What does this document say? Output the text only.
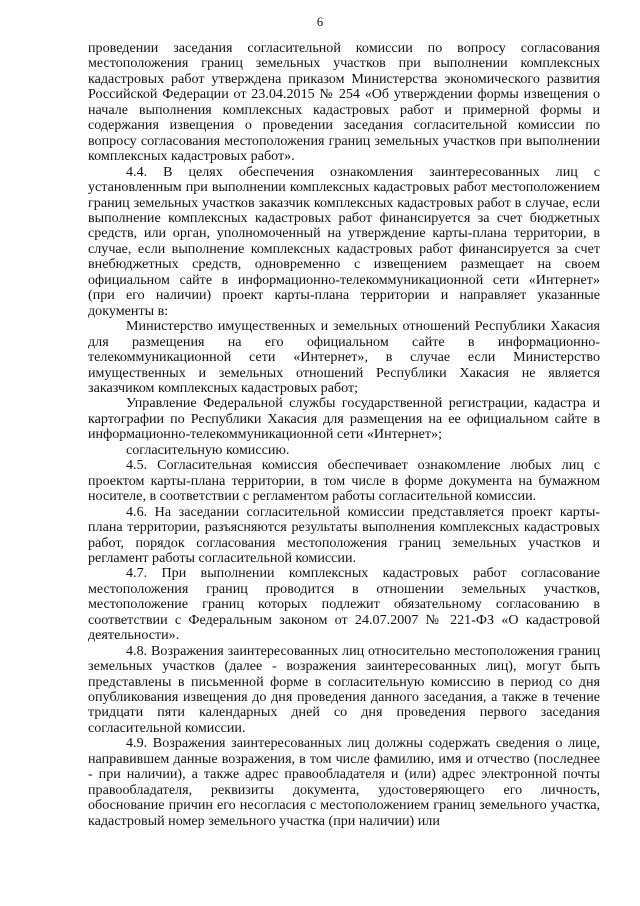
6

проведении заседания согласительной комиссии по вопросу согласования местоположения границ земельных участков при выполнении комплексных кадастровых работ утверждена приказом Министерства экономического развития Российской Федерации от 23.04.2015 № 254 «Об утверждении формы извещения о начале выполнения комплексных кадастровых работ и примерной формы и содержания извещения о проведении заседания согласительной комиссии по вопросу согласования местоположения границ земельных участков при выполнении комплексных кадастровых работ».

4.4. В целях обеспечения ознакомления заинтересованных лиц с установленным при выполнении комплексных кадастровых работ местоположением границ земельных участков заказчик комплексных кадастровых работ в случае, если выполнение комплексных кадастровых работ финансируется за счет бюджетных средств, или орган, уполномоченный на утверждение карты-плана территории, в случае, если выполнение комплексных кадастровых работ финансируется за счет внебюджетных средств, одновременно с извещением размещает на своем официальном сайте в информационно-телекоммуникационной сети «Интернет» (при его наличии) проект карты-плана территории и направляет указанные документы в:

Министерство имущественных и земельных отношений Республики Хакасия для размещения на его официальном сайте в информационно-телекоммуникационной сети «Интернет», в случае если Министерство имущественных и земельных отношений Республики Хакасия не является заказчиком комплексных кадастровых работ;

Управление Федеральной службы государственной регистрации, кадастра и картографии по Республики Хакасия для размещения на ее официальном сайте в информационно-телекоммуникационной сети «Интернет»;

согласительную комиссию.

4.5. Согласительная комиссия обеспечивает ознакомление любых лиц с проектом карты-плана территории, в том числе в форме документа на бумажном носителе, в соответствии с регламентом работы согласительной комиссии.

4.6. На заседании согласительной комиссии представляется проект карты-плана территории, разъясняются результаты выполнения комплексных кадастровых работ, порядок согласования местоположения границ земельных участков и регламент работы согласительной комиссии.

4.7. При выполнении комплексных кадастровых работ согласование местоположения границ проводится в отношении земельных участков, местоположение границ которых подлежит обязательному согласованию в соответствии с Федеральным законом от 24.07.2007 № 221-ФЗ «О кадастровой деятельности».

4.8. Возражения заинтересованных лиц относительно местоположения границ земельных участков (далее - возражения заинтересованных лиц), могут быть представлены в письменной форме в согласительную комиссию в период со дня опубликования извещения до дня проведения данного заседания, а также в течение тридцати пяти календарных дней со дня проведения первого заседания согласительной комиссии.

4.9. Возражения заинтересованных лиц должны содержать сведения о лице, направившем данные возражения, в том числе фамилию, имя и отчество (последнее - при наличии), а также адрес правообладателя и (или) адрес электронной почты правообладателя, реквизиты документа, удостоверяющего его личность, обоснование причин его несогласия с местоположением границ земельного участка, кадастровый номер земельного участка (при наличии) или
